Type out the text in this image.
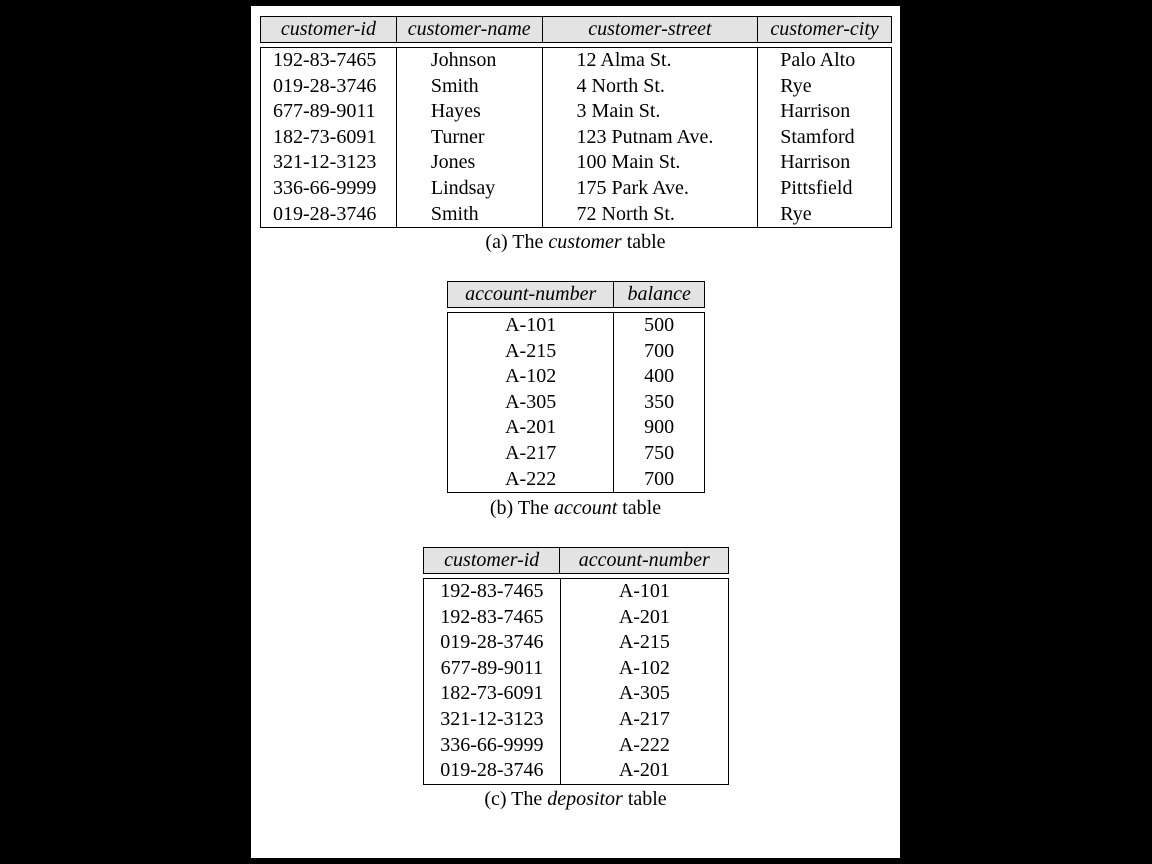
customer-id	customer-name	customer-street	customer-city
192-83-7465	Johnson	12 Alma St.	Palo Alto
019-28-3746	Smith	4 North St.	Rye
677-89-9011	Hayes	3 Main St.	Harrison
182-73-6091	Turner	123 Putnam Ave.	Stamford
321-12-3123	Jones	100 Main St.	Harrison
336-66-9999	Lindsay	175 Park Ave.	Pittsfield
019-28-3746	Smith	72 North St.	Rye
(a) The customer table
account-number	balance
A-101	500
A-215	700
A-102	400
A-305	350
A-201	900
A-217	750
A-222	700
(b) The account table
customer-id	account-number
192-83-7465	A-101
192-83-7465	A-201
019-28-3746	A-215
677-89-9011	A-102
182-73-6091	A-305
321-12-3123	A-217
336-66-9999	A-222
019-28-3746	A-201
(c) The depositor table
